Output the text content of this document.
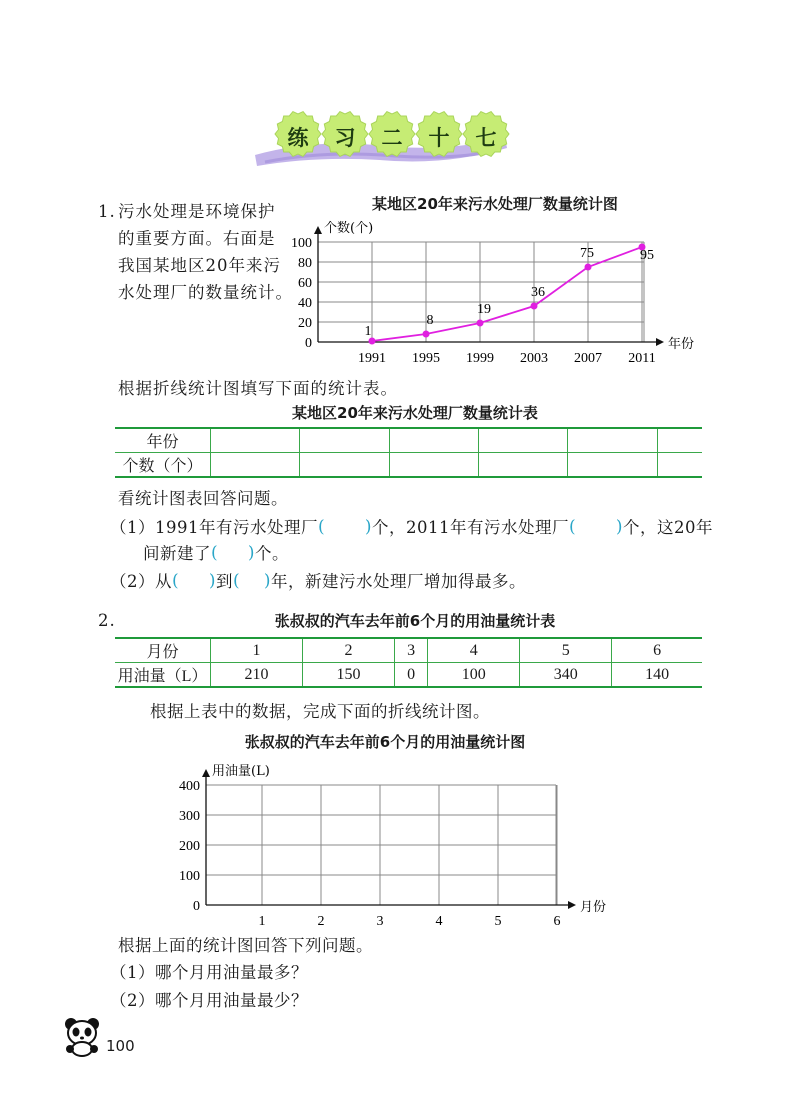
练	习	二	十	七
1. 污水处理是环境保护
的重要方面。右面是
我国某地区20年来污
水处理厂的数量统计。
某地区20年来污水处理厂数量统计图
0
20
40
60
80
100
1991 1995 1999 2003 2007 2011
个数(个)
年份
1
8
19
36
75	95
根据折线统计图填写下面的统计表。
某地区20年来污水处理厂数量统计表
年份						
个数（个）						
看统计图表回答问题。
（1）1991年有污水处理厂 ( ) 个，2011年有污水处理厂 ( ) 个，这20年
间新建了 ( ) 个。
（2）从 ( ) 到 ( ) 年，新建污水处理厂增加得最多。
2.	张叔叔的汽车去年前6个月的用油量统计表
月份	1	2	3	4	5	6
用油量（L）	210	150	0	100	340	140
根据上表中的数据，完成下面的折线统计图。
张叔叔的汽车去年前6个月的用油量统计图
0
100
200
300
400
1	2	3	4	5	6
用油量(L)
月份
根据上面的统计图回答下列问题。
（1）哪个月用油量最多？
（2）哪个月用油量最少？
100
